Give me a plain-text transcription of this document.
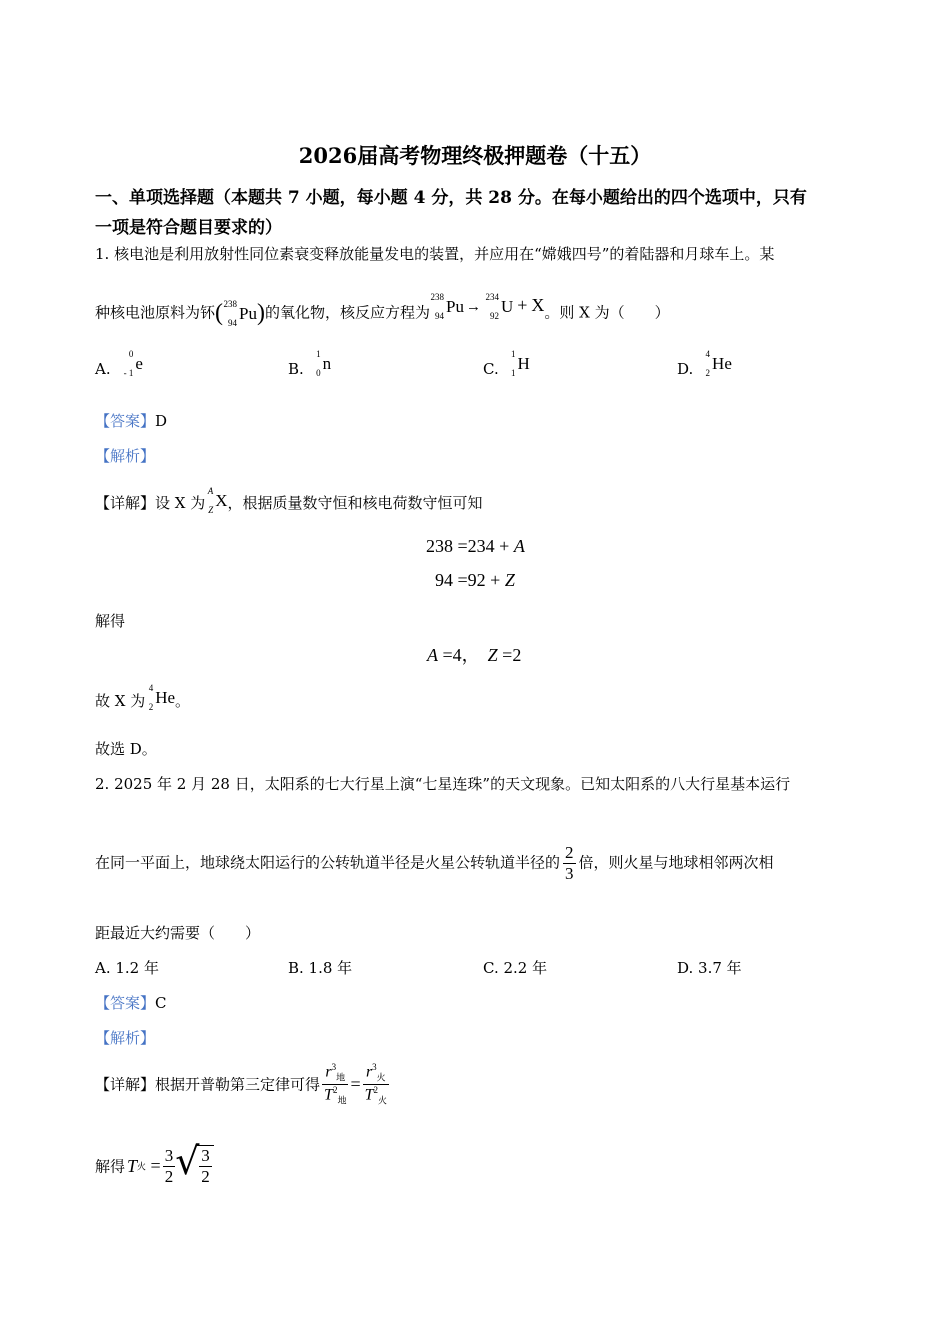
2026届高考物理终极押题卷（十五）
一、单项选择题（本题共 7 小题，每小题 4 分，共 28 分。在每小题给出的四个选项中，只有
一项是符合题目要求的）
1. 核电池是利用放射性同位素衰变释放能量发电的装置，并应用在“嫦娥四号”的着陆器和月球车上。某
种核电池原料为钚( 238
94 Pu)的氧化物，核反应方程为
238
94 Pu →
234
92 U + X。则 X 为（　　）
A.
0
- 1 e	B.
1
0 n	C.
1
1 H	D.
4
2 He
【答案】D
【解析】
【详解】设 X 为
A
Z X，根据质量数守恒和核电荷数守恒可知
238 =234 + A
94 =92 + Z
解得
A =4， Z =2
故 X 为
4
2 He。
故选 D。
2. 2025 年 2 月 28 日，太阳系的七大行星上演“七星连珠”的天文现象。已知太阳系的八大行星基本运行
在同一平面上，地球绕太阳运行的公转轨道半径是火星公转轨道半径的 $\frac{2}{3}$ 倍，则火星与地球相邻两次相
距最近大约需要（　　）
A. 1.2 年	B. 1.8 年	C. 2.2 年	D. 3.7 年
【答案】C
【解析】
【详解】根据开普勒第三定律可得 $\frac{r^3_地}{T^2_地} = \frac{r^3_火}{T^2_火}$
解得 T火 = $\frac{3}{2}$ √
$\frac{3}{2}$
